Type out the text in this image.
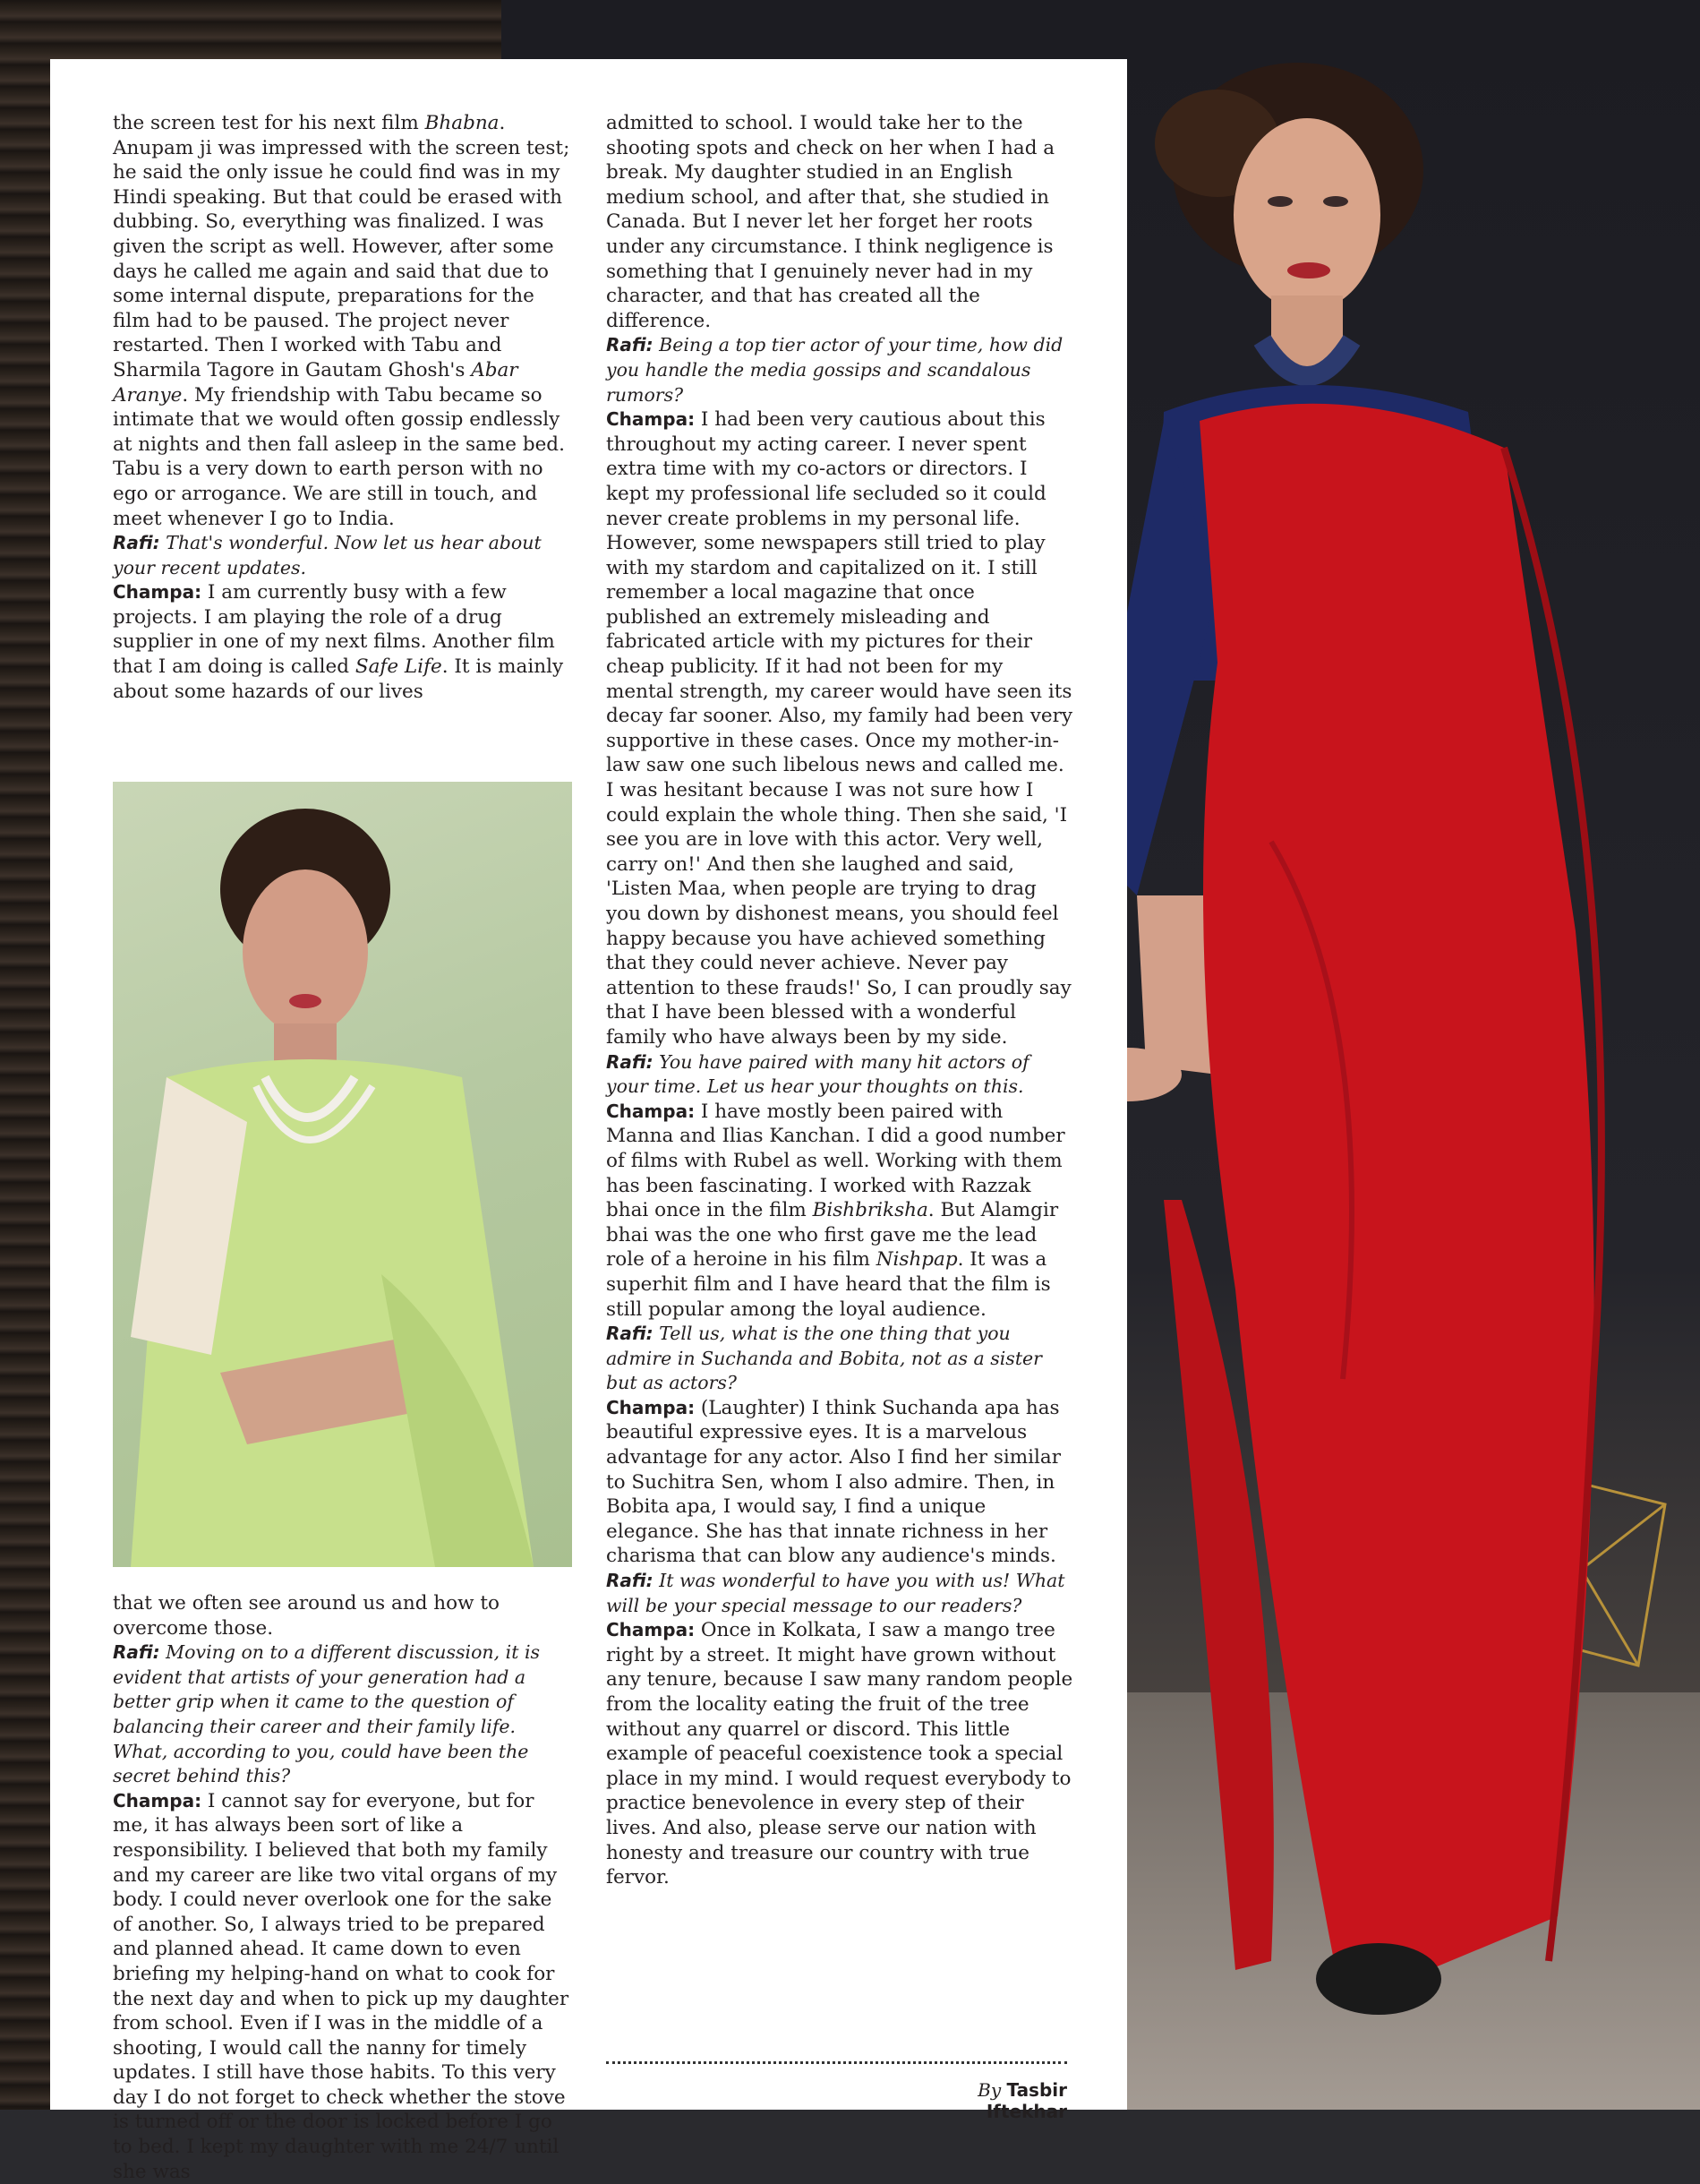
the screen test for his next film Bhabna. Anupam ji was impressed with the screen test; he said the only issue he could find was in my Hindi speaking. But that could be erased with dubbing. So, everything was finalized. I was given the script as well. However, after some days he called me again and said that due to some internal dispute, preparations for the film had to be paused. The project never restarted. Then I worked with Tabu and Sharmila Tagore in Gautam Ghosh's Abar Aranye. My friendship with Tabu became so intimate that we would often gossip endlessly at nights and then fall asleep in the same bed. Tabu is a very down to earth person with no ego or arrogance. We are still in touch, and meet whenever I go to India.

Rafi: That's wonderful. Now let us hear about your recent updates.

Champa: I am currently busy with a few projects. I am playing the role of a drug supplier in one of my next films. Another film that I am doing is called Safe Life. It is mainly about some hazards of our lives

that we often see around us and how to overcome those.

Rafi: Moving on to a different discussion, it is evident that artists of your generation had a better grip when it came to the question of balancing their career and their family life. What, according to you, could have been the secret behind this?

Champa: I cannot say for everyone, but for me, it has always been sort of like a responsibility. I believed that both my family and my career are like two vital organs of my body. I could never overlook one for the sake of another. So, I always tried to be prepared and planned ahead. It came down to even briefing my helping-hand on what to cook for the next day and when to pick up my daughter from school. Even if I was in the middle of a shooting, I would call the nanny for timely updates. I still have those habits. To this very day I do not forget to check whether the stove is turned off or the door is locked before I go to bed. I kept my daughter with me 24/7 until she was

admitted to school. I would take her to the shooting spots and check on her when I had a break. My daughter studied in an English medium school, and after that, she studied in Canada. But I never let her forget her roots under any circumstance. I think negligence is something that I genuinely never had in my character, and that has created all the difference.

Rafi: Being a top tier actor of your time, how did you handle the media gossips and scandalous rumors?

Champa: I had been very cautious about this throughout my acting career. I never spent extra time with my co-actors or directors. I kept my professional life secluded so it could never create problems in my personal life. However, some newspapers still tried to play with my stardom and capitalized on it. I still remember a local magazine that once published an extremely misleading and fabricated article with my pictures for their cheap publicity. If it had not been for my mental strength, my career would have seen its decay far sooner. Also, my family had been very supportive in these cases. Once my mother-in-law saw one such libelous news and called me. I was hesitant because I was not sure how I could explain the whole thing. Then she said, 'I see you are in love with this actor. Very well, carry on!' And then she laughed and said, 'Listen Maa, when people are trying to drag you down by dishonest means, you should feel happy because you have achieved something that they could never achieve. Never pay attention to these frauds!' So, I can proudly say that I have been blessed with a wonderful family who have always been by my side.

Rafi: You have paired with many hit actors of your time. Let us hear your thoughts on this.

Champa: I have mostly been paired with Manna and Ilias Kanchan. I did a good number of films with Rubel as well. Working with them has been fascinating. I worked with Razzak bhai once in the film Bishbriksha. But Alamgir bhai was the one who first gave me the lead role of a heroine in his film Nishpap. It was a superhit film and I have heard that the film is still popular among the loyal audience.

Rafi: Tell us, what is the one thing that you admire in Suchanda and Bobita, not as a sister but as actors?

Champa: (Laughter) I think Suchanda apa has beautiful expressive eyes. It is a marvelous advantage for any actor. Also I find her similar to Suchitra Sen, whom I also admire. Then, in Bobita apa, I would say, I find a unique elegance. She has that innate richness in her charisma that can blow any audience's minds.

Rafi: It was wonderful to have you with us! What will be your special message to our readers?

Champa: Once in Kolkata, I saw a mango tree right by a street. It might have grown without any tenure, because I saw many random people from the locality eating the fruit of the tree without any quarrel or discord. This little example of peaceful coexistence took a special place in my mind. I would request everybody to practice benevolence in every step of their lives. And also, please serve our nation with honesty and treasure our country with true fervor.

By Tasbir Iftekhar
